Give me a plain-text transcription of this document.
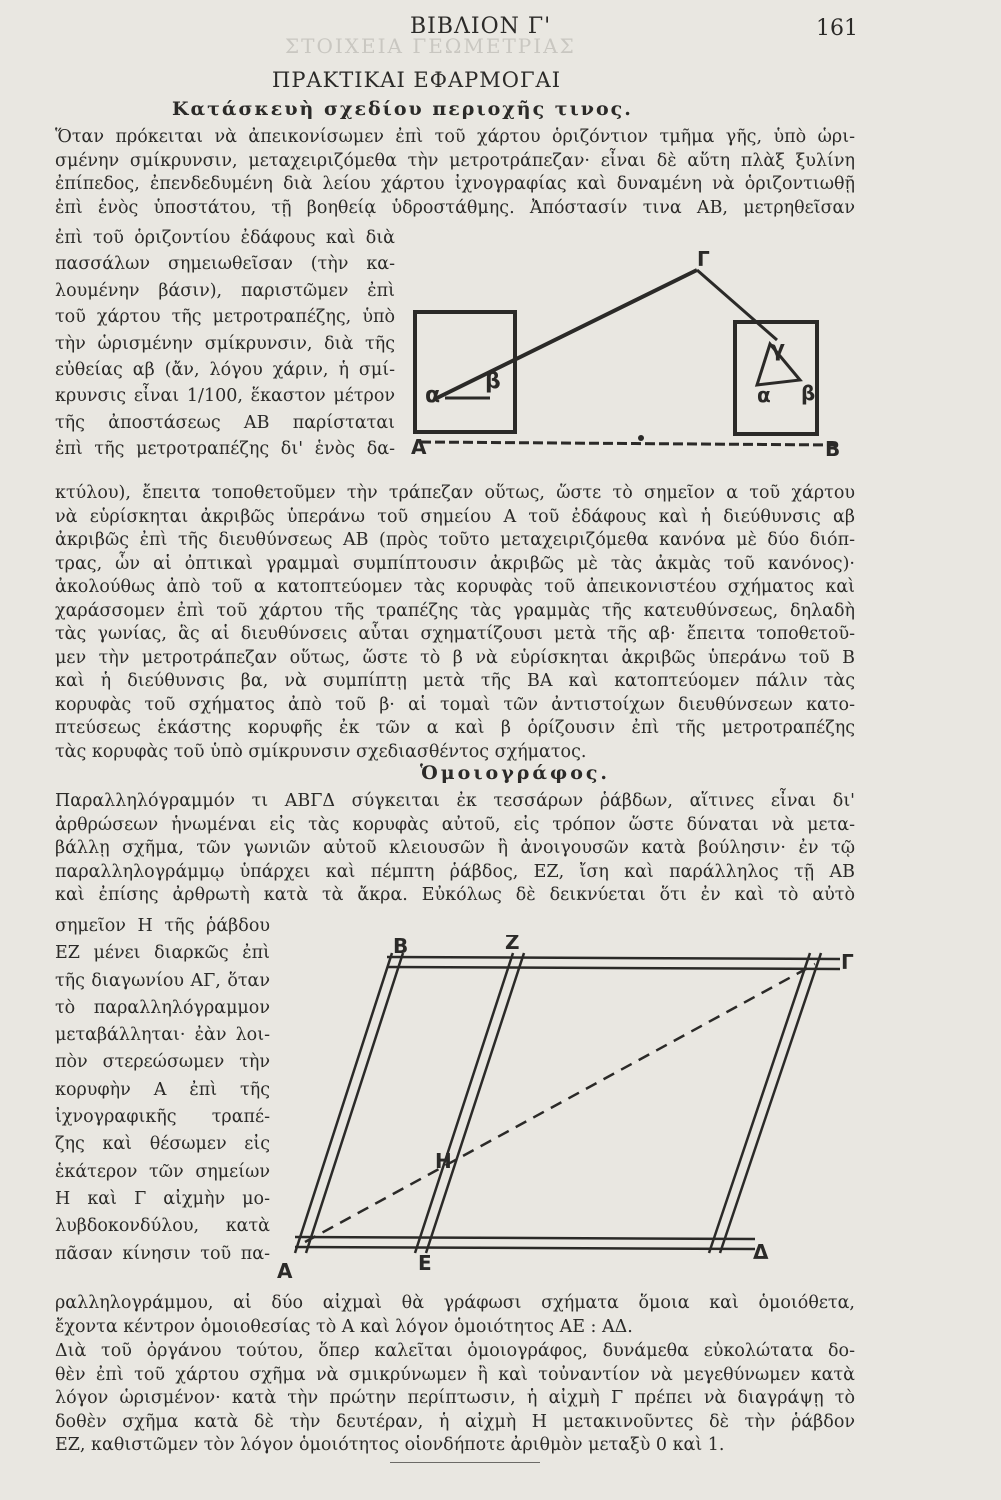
ΣΤΟΙΧΕΙΑ ΓΕΩΜΕΤΡΙΑΣ
ΒΙΒΛΙΟΝ Γ'	161
ΠΡΑΚΤΙΚΑΙ ΕΦΑΡΜΟΓΑΙ
Κατάσκευὴ σχεδίου περιοχῆς τινος.
Ὅταν πρόκειται νὰ ἀπεικονίσωμεν ἐπὶ τοῦ χάρτου ὁριζόντιον τμῆμα γῆς, ὑπὸ ὡρι-
σμένην σμίκρυνσιν, μεταχειριζόμεθα τὴν μετροτράπεζαν· εἶναι δὲ αὕτη πλὰξ ξυλίνη
ἐπίπεδος, ἐπενδεδυμένη διὰ λείου χάρτου ἰχνογραφίας καὶ δυναμένη νὰ ὁριζοντιωθῇ
ἐπὶ ἑνὸς ὑποστάτου, τῇ βοηθείᾳ ὑδροστάθμης. Ἀπόστασίν τινα ΑΒ, μετρηθεῖσαν
ἐπὶ τοῦ ὁριζοντίου ἐδάφους καὶ διὰ
πασσάλων σημειωθεῖσαν (τὴν κα-
λουμένην βάσιν), παριστῶμεν ἐπὶ
τοῦ χάρτου τῆς μετροτραπέζης, ὑπὸ
τὴν ὡρισμένην σμίκρυνσιν, διὰ τῆς
εὐθείας αβ (ἄν, λόγου χάριν, ἡ σμί-
κρυνσις εἶναι 1/100, ἕκαστον μέτρον
τῆς ἀποστάσεως ΑΒ παρίσταται
ἐπὶ τῆς μετροτραπέζης δι' ἑνὸς δα-
κτύλου), ἔπειτα τοποθετοῦμεν τὴν τράπεζαν οὕτως, ὥστε τὸ σημεῖον α τοῦ χάρτου
νὰ εὑρίσκηται ἀκριβῶς ὑπεράνω τοῦ σημείου Α τοῦ ἐδάφους καὶ ἡ διεύθυνσις αβ
ἀκριβῶς ἐπὶ τῆς διευθύνσεως ΑΒ (πρὸς τοῦτο μεταχειριζόμεθα κανόνα μὲ δύο διόπ-
τρας, ὧν αἱ ὀπτικαὶ γραμμαὶ συμπίπτουσιν ἀκριβῶς μὲ τὰς ἀκμὰς τοῦ κανόνος)·
ἀκολούθως ἀπὸ τοῦ α κατοπτεύομεν τὰς κορυφὰς τοῦ ἀπεικονιστέου σχήματος καὶ
χαράσσομεν ἐπὶ τοῦ χάρτου τῆς τραπέζης τὰς γραμμὰς τῆς κατευθύνσεως, δηλαδὴ
τὰς γωνίας, ἃς αἱ διευθύνσεις αὗται σχηματίζουσι μετὰ τῆς αβ· ἔπειτα τοποθετοῦ-
μεν τὴν μετροτράπεζαν οὕτως, ὥστε τὸ β νὰ εὑρίσκηται ἀκριβῶς ὑπεράνω τοῦ Β
καὶ ἡ διεύθυνσις βα, νὰ συμπίπτῃ μετὰ τῆς ΒΑ καὶ κατοπτεύομεν πάλιν τὰς
κορυφὰς τοῦ σχήματος ἀπὸ τοῦ β· αἱ τομαὶ τῶν ἀντιστοίχων διευθύνσεων κατο-
πτεύσεως ἑκάστης κορυφῆς ἐκ τῶν α καὶ β ὁρίζουσιν ἐπὶ τῆς μετροτραπέζης
τὰς κορυφὰς τοῦ ὑπὸ σμίκρυνσιν σχεδιασθέντος σχήματος.
Ὁμοιογράφος.
Παραλληλόγραμμόν τι ΑΒΓΔ σύγκειται ἐκ τεσσάρων ῥάβδων, αἵτινες εἶναι δι'
ἀρθρώσεων ἡνωμέναι εἰς τὰς κορυφὰς αὐτοῦ, εἰς τρόπον ὥστε δύναται νὰ μετα-
βάλλῃ σχῆμα, τῶν γωνιῶν αὐτοῦ κλειουσῶν ἢ ἀνοιγουσῶν κατὰ βούλησιν· ἐν τῷ
παραλληλογράμμῳ ὑπάρχει καὶ πέμπτη ῥάβδος, ΕΖ, ἴση καὶ παράλληλος τῇ ΑΒ
καὶ ἐπίσης ἀρθρωτὴ κατὰ τὰ ἄκρα. Εὐκόλως δὲ δεικνύεται ὅτι ἐν καὶ τὸ αὐτὸ
σημεῖον Η τῆς ῥάβδου
ΕΖ μένει διαρκῶς ἐπὶ
τῆς διαγωνίου ΑΓ, ὅταν
τὸ παραλληλόγραμμον
μεταβάλληται· ἐὰν λοι-
πὸν στερεώσωμεν τὴν
κορυφὴν Α ἐπὶ τῆς
ἰχνογραφικῆς τραπέ-
ζης καὶ θέσωμεν εἰς
ἑκάτερον τῶν σημείων
Η καὶ Γ αἰχμὴν μο-
λυβδοκονδύλου, κατὰ
πᾶσαν κίνησιν τοῦ πα-
ραλληλογράμμου, αἱ δύο αἰχμαὶ θὰ γράφωσι σχήματα ὅμοια καὶ ὁμοιόθετα,
ἔχοντα κέντρον ὁμοιοθεσίας τὸ Α καὶ λόγον ὁμοιότητος ΑΕ : ΑΔ.
Διὰ τοῦ ὀργάνου τούτου, ὅπερ καλεῖται ὁμοιογράφος, δυνάμεθα εὐκολώτατα δο-
θὲν ἐπὶ τοῦ χάρτου σχῆμα νὰ σμικρύνωμεν ἢ καὶ τοὐναντίον νὰ μεγεθύνωμεν κατὰ
λόγον ὡρισμένον· κατὰ τὴν πρώτην περίπτωσιν, ἡ αἰχμὴ Γ πρέπει νὰ διαγράψῃ τὸ
δοθὲν σχῆμα κατὰ δὲ τὴν δευτέραν, ἡ αἰχμὴ Η μετακινοῦντες δὲ τὴν ῥάβδον
ΕΖ, καθιστῶμεν τὸν λόγον ὁμοιότητος οἱονδήποτε ἀριθμὸν μεταξὺ 0 καὶ 1.
A	B
α
β
γ
α β
Γ
B	Z
Γ
H
A	E	Δ
